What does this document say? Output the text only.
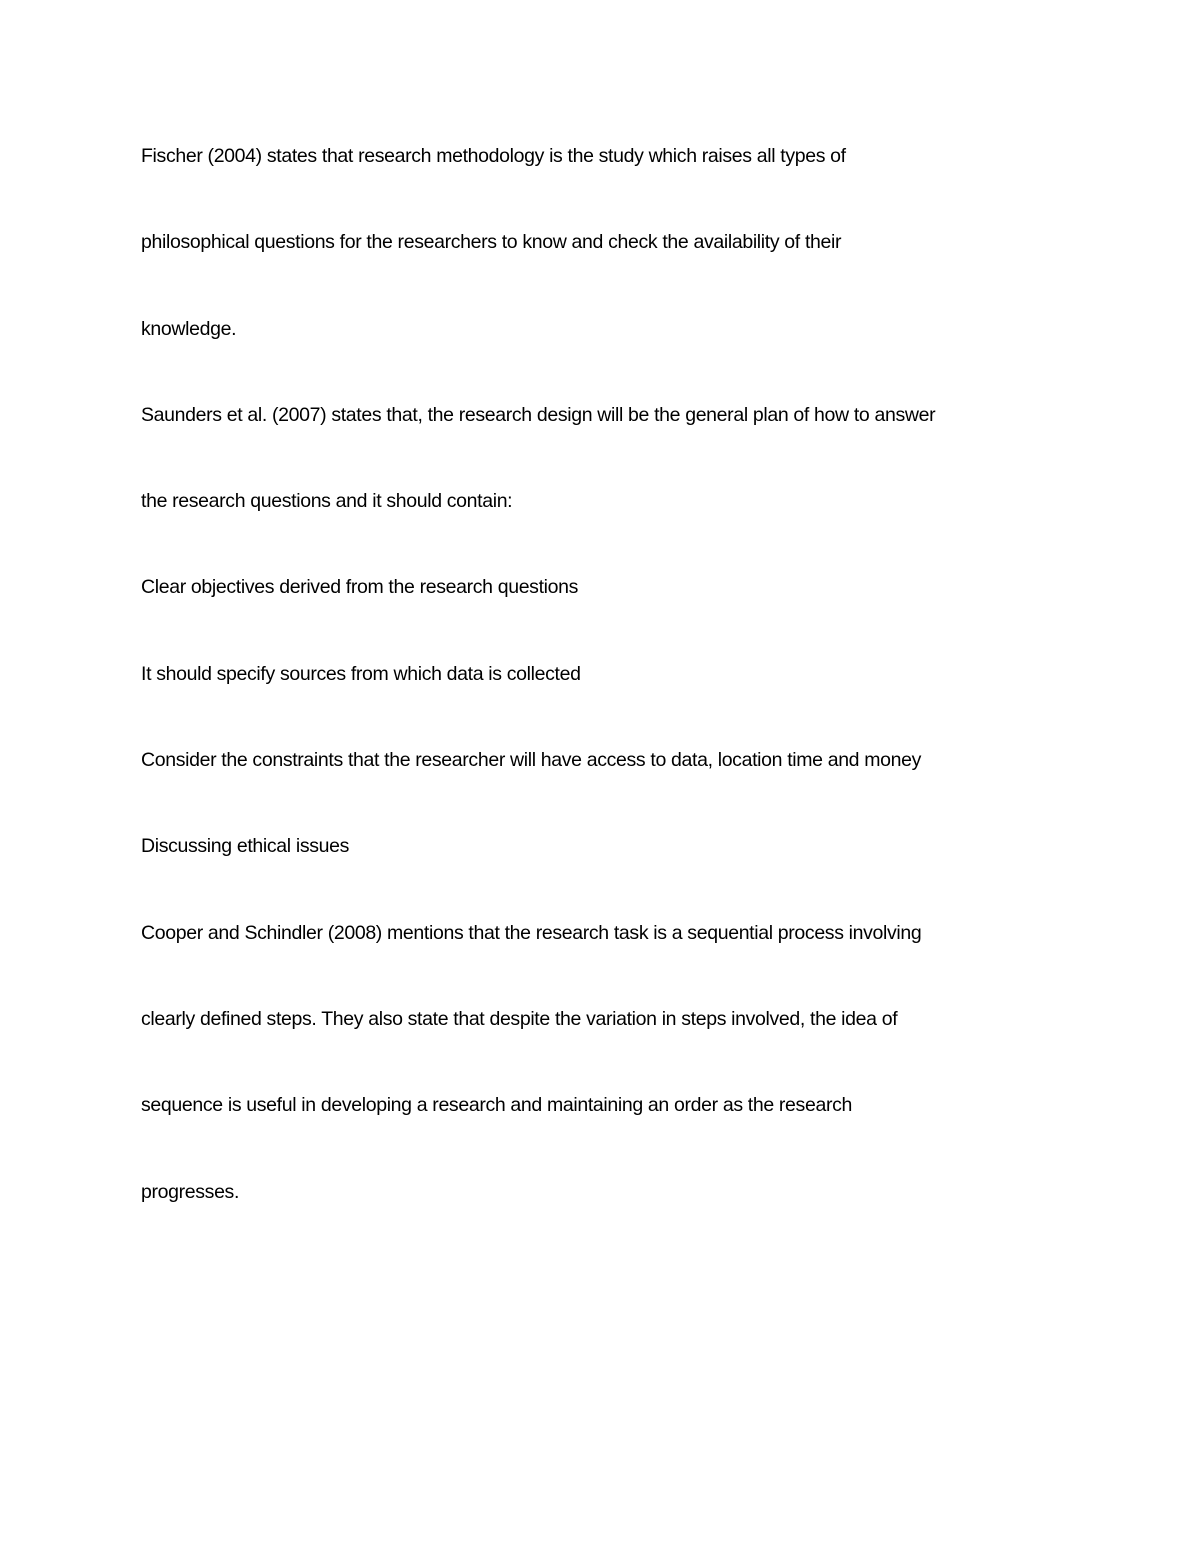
Fischer (2004) states that research methodology is the study which raises all types of
philosophical questions for the researchers to know and check the availability of their
knowledge.
Saunders et al. (2007) states that, the research design will be the general plan of how to answer
the research questions and it should contain:
Clear objectives derived from the research questions
It should specify sources from which data is collected
Consider the constraints that the researcher will have access to data, location time and money
Discussing ethical issues
Cooper and Schindler (2008) mentions that the research task is a sequential process involving
clearly defined steps. They also state that despite the variation in steps involved, the idea of
sequence is useful in developing a research and maintaining an order as the research
progresses.
